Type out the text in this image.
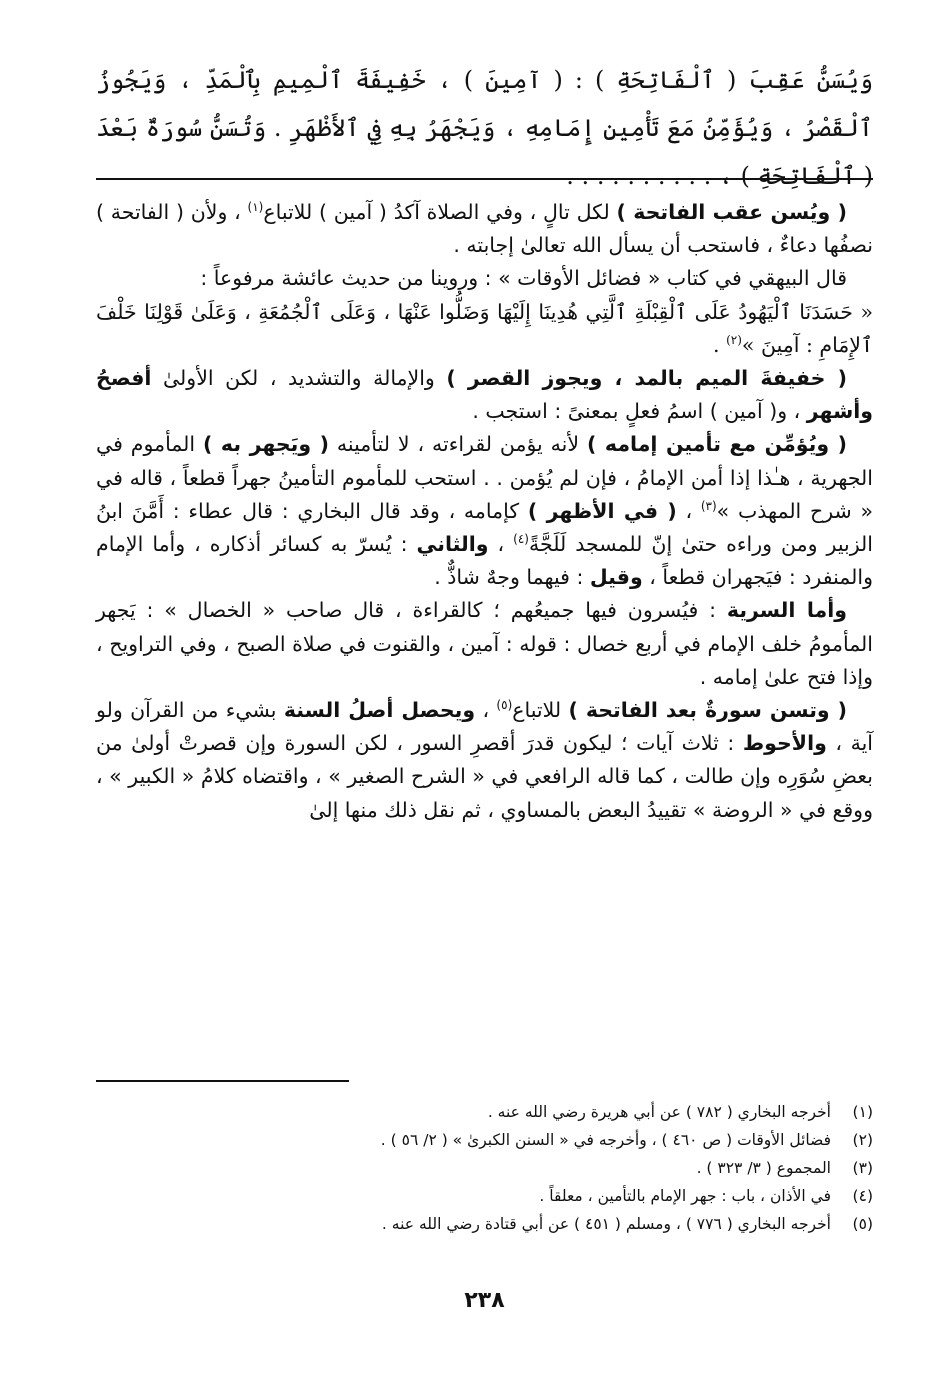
وَيُسَنُّ عَقِبَ ( ٱلْفَاتِحَةِ ) : ( آمِينَ ) ، خَفِيفَةَ ٱلْمِيمِ بِٱلْمَدِّ ، وَيَجُوزُ ٱلْقَصْرُ ، وَيُؤَمِّنُ مَعَ تَأْمِينِ إِمَامِهِ ، وَيَجْهَرُ بِهِ فِي ٱلأَظْهَرِ . وَتُسَنُّ سُورَةٌ بَعْدَ ( ٱلْفَاتِحَةِ ) ، . . . . . . . . . .

( ويُسن عقب الفاتحة ) لكل تالٍ ، وفي الصلاة آكدُ ( آمين ) للاتباع$^{(١)}$ ، ولأن ( الفاتحة ) نصفُها دعاءٌ ، فاستحب أن يسأل الله تعالىٰ إجابته .

قال البيهقي في كتاب « فضائل الأوقات » : وروينا من حديث عائشة مرفوعاً :

« حَسَدَنَا ٱلْيَهُودُ عَلَى ٱلْقِبْلَةِ ٱلَّتِي هُدِينَا إِلَيْهَا وَضَلُّوا عَنْهَا ، وَعَلَى ٱلْجُمُعَةِ ، وَعَلَىٰ قَوْلِنَا خَلْفَ ٱلإِمَامِ : آمِينَ »$^{(٢)}$ .

( خفيفةَ الميم بالمد ، ويجوز القصر ) والإمالة والتشديد ، لكن الأولىٰ أفصحُ وأشهر ، و( آمين ) اسمُ فعلٍ بمعنىً : استجب .

( ويُؤمِّن مع تأمين إمامه ) لأنه يؤمن لقراءته ، لا لتأمينه ( ويَجهر به ) المأموم في الجهرية ، هـٰذا إذا أمن الإمامُ ، فإن لم يُؤمن . . استحب للمأموم التأمينُ جهراً قطعاً ، قاله في « شرح المهذب »$^{(٣)}$ ، ( في الأظهر ) كإمامه ، وقد قال البخاري : قال عطاء : أَمَّنَ ابنُ الزبير ومن وراءه حتىٰ إنّ للمسجد لَلَجَّةً$^{(٤)}$ ، والثاني : يُسرّ به كسائر أذكاره ، وأما الإمام والمنفرد : فيَجهران قطعاً ، وقيل : فيهما وجهٌ شاذٌّ .

وأما السرية : فيُسرون فيها جميعُهم ؛ كالقراءة ، قال صاحب « الخصال » : يَجهر المأمومُ خلف الإمام في أربع خصال : قوله : آمين ، والقنوت في صلاة الصبح ، وفي التراويح ، وإذا فتح علىٰ إمامه .

( وتسن سورةٌ بعد الفاتحة ) للاتباع$^{(٥)}$ ، ويحصل أصلُ السنة بشيء من القرآن ولو آية ، والأحوط : ثلاث آيات ؛ ليكون قدرَ أقصرِ السور ، لكن السورة وإن قصرتْ أولىٰ من بعضِ سُوَرِه وإن طالت ، كما قاله الرافعي في « الشرح الصغير » ، واقتضاه كلامُ « الكبير » ، ووقع في « الروضة » تقييدُ البعض بالمساوي ، ثم نقل ذلك منها إلىٰ

(١)
أخرجه البخاري ( ٧٨٢ ) عن أبي هريرة رضي الله عنه .
(٢)
فضائل الأوقات ( ص ٤٦٠ ) ، وأخرجه في « السنن الكبرىٰ » ( ٢/ ٥٦ ) .
(٣)
المجموع ( ٣/ ٣٢٣ ) .
(٤)
في الأذان ، باب : جهر الإمام بالتأمين ، معلقاً .
(٥)
أخرجه البخاري ( ٧٧٦ ) ، ومسلم ( ٤٥١ ) عن أبي قتادة رضي الله عنه .
٢٣٨
